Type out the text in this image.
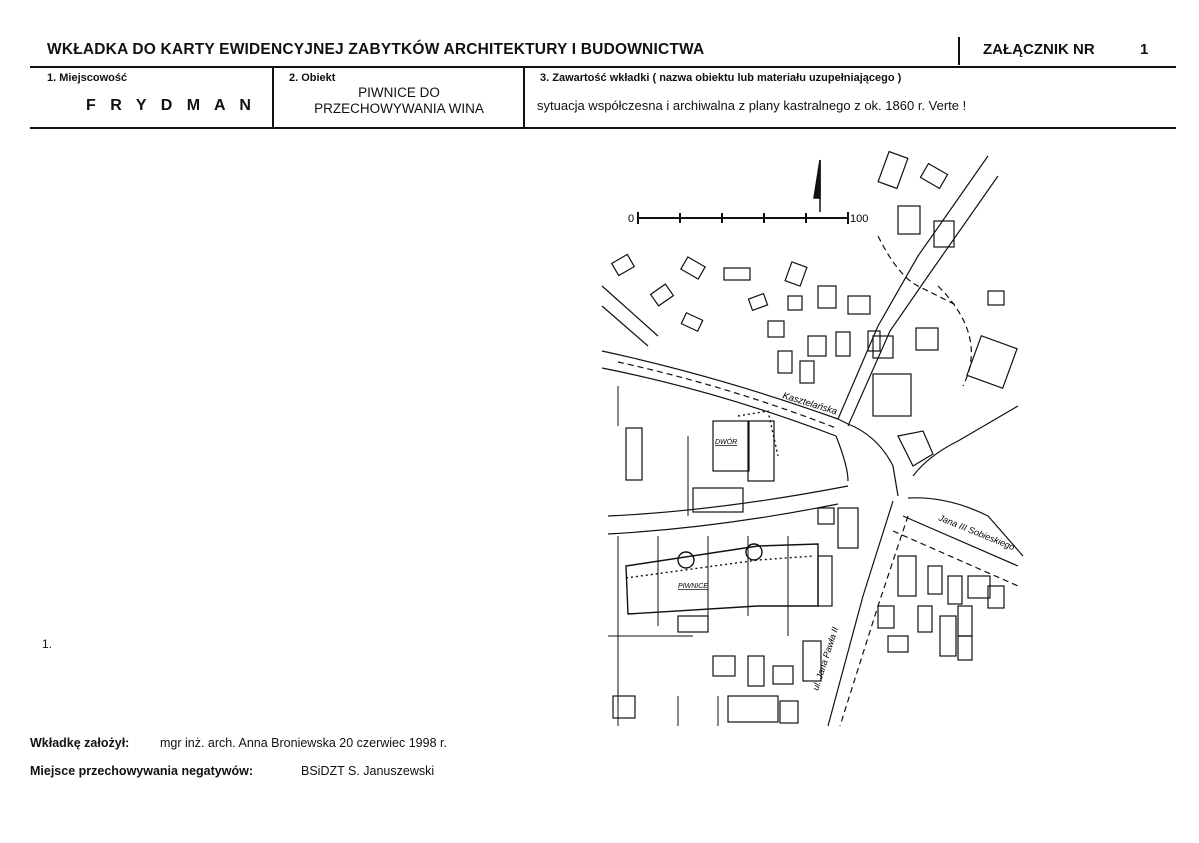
WKŁADKA DO KARTY EWIDENCYJNEJ ZABYTKÓW ARCHITEKTURY I BUDOWNICTWA	ZAŁĄCZNIK NR	1
1. Miejscowość
F R Y D M A N
2. Obiekt
PIWNICE DO
PRZECHOWYWANIA WINA
3. Zawartość wkładki ( nazwa obiektu lub materiału uzupełniającego )
sytuacja współczesna i archiwalna z plany kastralnego z ok. 1860 r. Verte !
1.
0	100
Kasztelańska
Jana III Sobieskiego
ul. Jana Pawła II
DWÓR
PIWNICE
Wkładkę założył: mgr inż. arch. Anna Broniewska 20 czerwiec 1998 r.
Miejsce przechowywania negatywów:	BSiDZT S. Januszewski
